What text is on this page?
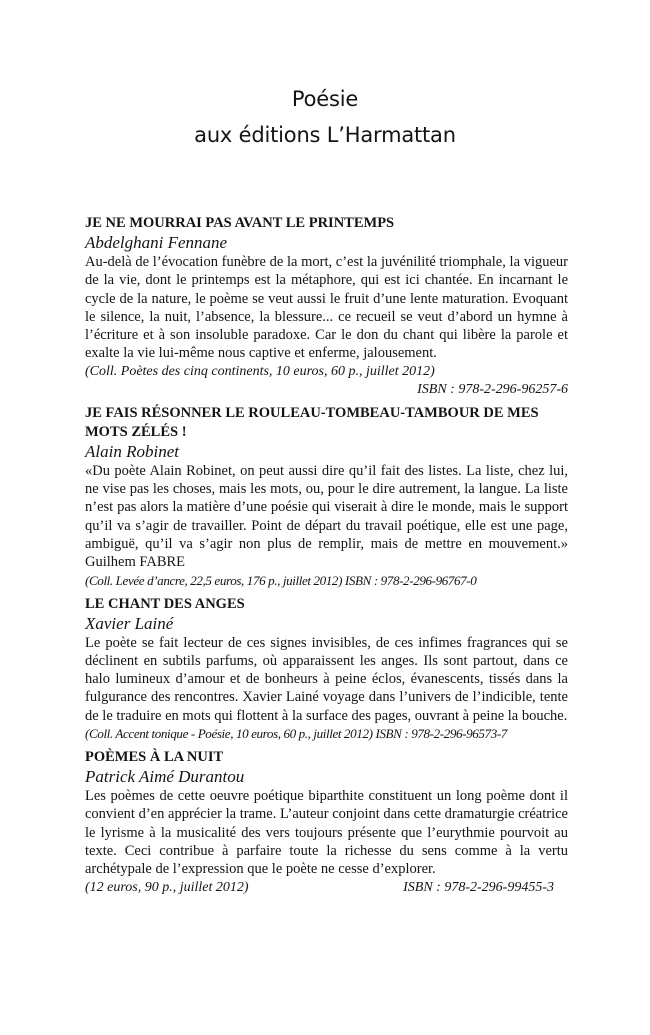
Poésie
aux éditions L’Harmattan
JE NE MOURRAI PAS AVANT LE PRINTEMPS
Abdelghani Fennane
Au-delà de l’évocation funèbre de la mort, c’est la juvénilité triomphale, la vigueur de la vie, dont le printemps est la métaphore, qui est ici chantée. En incarnant le cycle de la nature, le poème se veut aussi le fruit d’une lente maturation. Evoquant le silence, la nuit, l’absence, la blessure... ce recueil se veut d’abord un hymne à l’écriture et à son insoluble paradoxe. Car le don du chant qui libère la parole et exalte la vie lui-même nous captive et enferme, jalousement.
(Coll. Poètes des cinq continents, 10 euros, 60 p., juillet 2012)
ISBN : 978-2-296-96257-6
JE FAIS RÉSONNER LE ROULEAU-TOMBEAU-TAMBOUR DE MES MOTS ZÉLÉS !
Alain Robinet
«Du poète Alain Robinet, on peut aussi dire qu’il fait des listes. La liste, chez lui, ne vise pas les choses, mais les mots, ou, pour le dire autrement, la langue. La liste n’est pas alors la matière d’une poésie qui viserait à dire le monde, mais le support qu’il va s’agir de travailler. Point de départ du travail poétique, elle est une page, ambiguë, qu’il va s’agir non plus de remplir, mais de mettre en mouvement.» Guilhem FABRE
(Coll. Levée d’ancre, 22,5 euros, 176 p., juillet 2012) ISBN : 978-2-296-96767-0
LE CHANT DES ANGES
Xavier Lainé
Le poète se fait lecteur de ces signes invisibles, de ces infimes fragrances qui se déclinent en subtils parfums, où apparaissent les anges. Ils sont partout, dans ce halo lumineux d’amour et de bonheurs à peine éclos, évanescents, tissés dans la fulgurance des rencontres. Xavier Lainé voyage dans l’univers de l’indicible, tente de le traduire en mots qui flottent à la surface des pages, ouvrant à peine la bouche.
(Coll. Accent tonique - Poésie, 10 euros, 60 p., juillet 2012) ISBN : 978-2-296-96573-7
POÈMES À LA NUIT
Patrick Aimé Durantou
Les poèmes de cette oeuvre poétique biparthite constituent un long poème dont il convient d’en apprécier la trame. L’auteur conjoint dans cette dramaturgie créatrice le lyrisme à la musicalité des vers toujours présente que l’eurythmie pourvoit au texte. Ceci contribue à parfaire toute la richesse du sens comme à la vertu archétypale de l’expression que le poète ne cesse d’explorer.
(12 euros, 90 p., juillet 2012)	ISBN : 978-2-296-99455-3
